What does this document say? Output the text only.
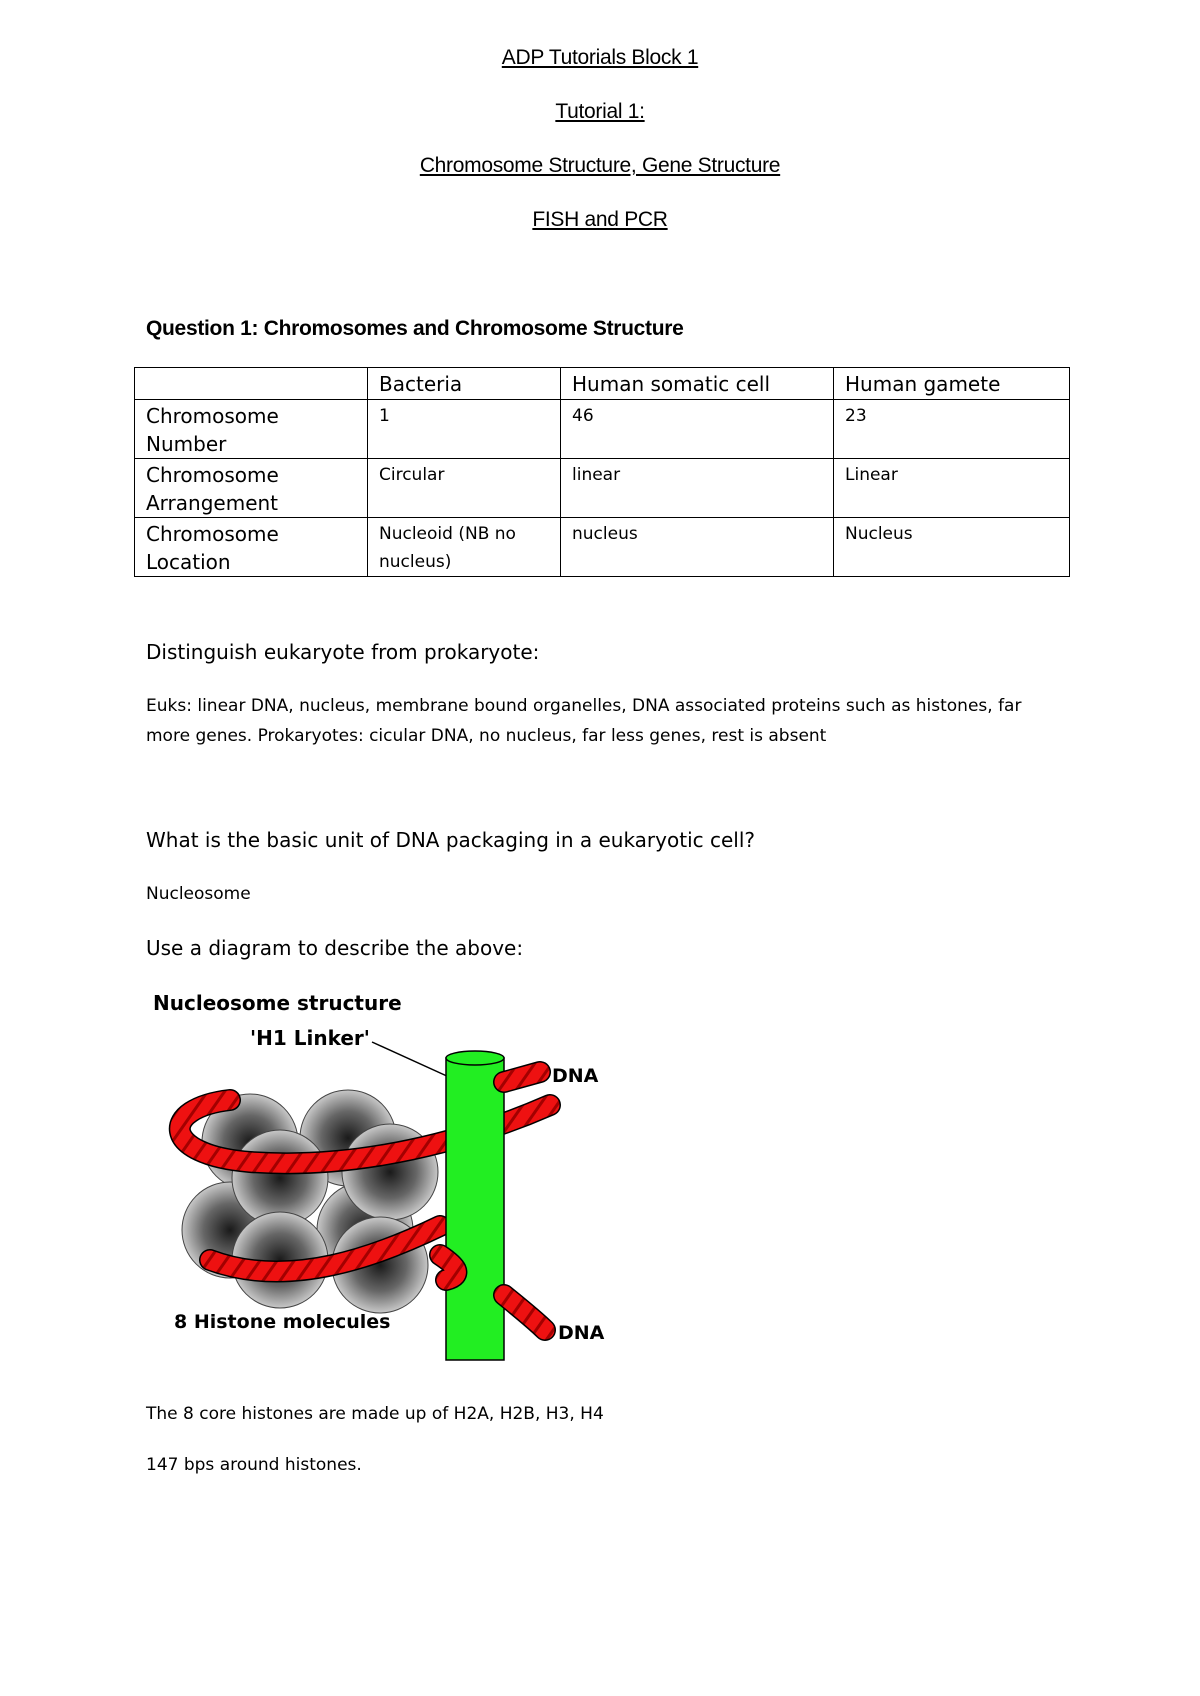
ADP Tutorials Block 1
Tutorial 1:
Chromosome Structure, Gene Structure
FISH and PCR
Question 1: Chromosomes and Chromosome Structure
	Bacteria	Human somatic cell	Human gamete
Chromosome Number	1	46	23
Chromosome Arrangement	Circular	linear	Linear
Chromosome Location	Nucleoid (NB no nucleus)	nucleus	Nucleus
Distinguish eukaryote from prokaryote:
Euks: linear DNA, nucleus, membrane bound organelles, DNA associated proteins such as histones, far more genes. Prokaryotes: cicular DNA, no nucleus, far less genes, rest is absent
What is the basic unit of DNA packaging in a eukaryotic cell?
Nucleosome
Use a diagram to describe the above:
Nucleosome structure
'H1 Linker'
DNA
DNA
8 Histone molecules
The 8 core histones are made up of H2A, H2B, H3, H4
147 bps around histones.
